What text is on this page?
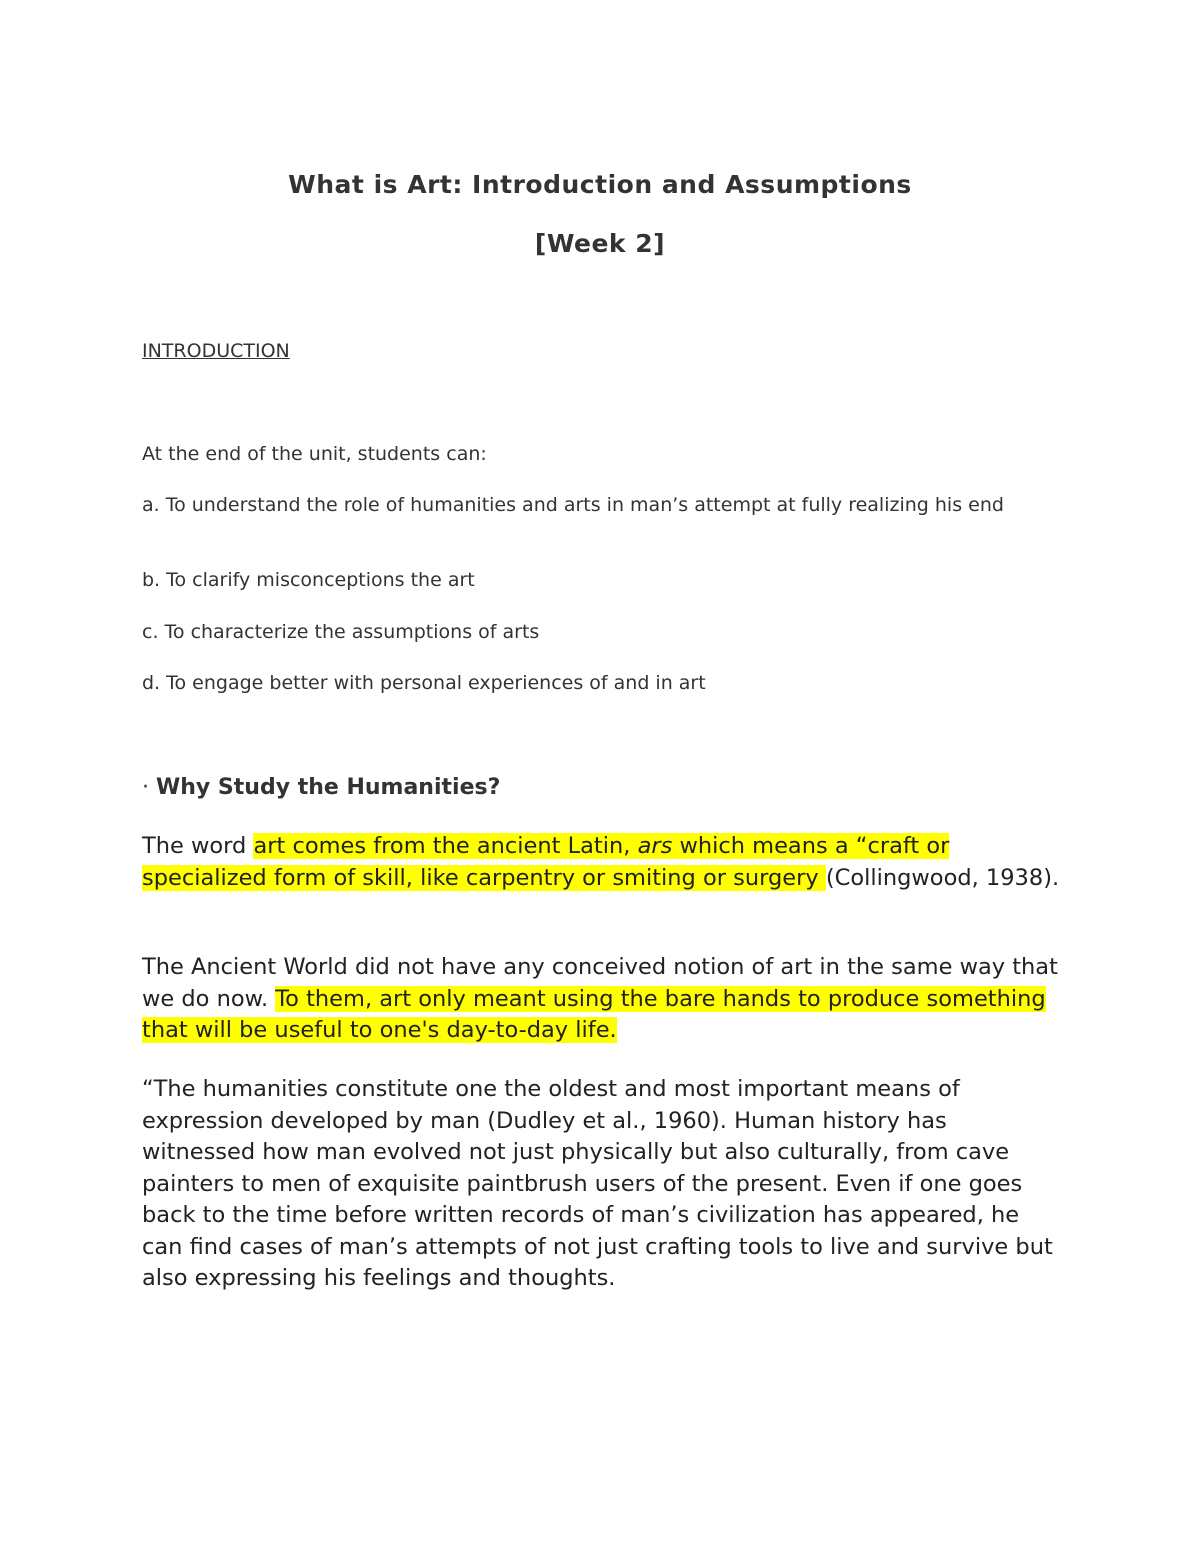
What is Art: Introduction and Assumptions
[Week 2]
INTRODUCTION

At the end of the unit, students can:

a. To understand the role of humanities and arts in man’s attempt at fully realizing his end

b. To clarify misconceptions the art

c. To characterize the assumptions of arts

d. To engage better with personal experiences of and in art

· Why Study the Humanities?

The word art comes from the ancient Latin, ars which means a “craft or specialized form of skill, like carpentry or smiting or surgery (Collingwood, 1938).

The Ancient World did not have any conceived notion of art in the same way that we do now. To them, art only meant using the bare hands to produce something that will be useful to one's day-to-day life.

“The humanities constitute one the oldest and most important means of expression developed by man (Dudley et al., 1960). Human history has witnessed how man evolved not just physically but also culturally, from cave painters to men of exquisite paintbrush users of the present. Even if one goes back to the time before written records of man’s civilization has appeared, he can find cases of man’s attempts of not just crafting tools to live and survive but also expressing his feelings and thoughts.
